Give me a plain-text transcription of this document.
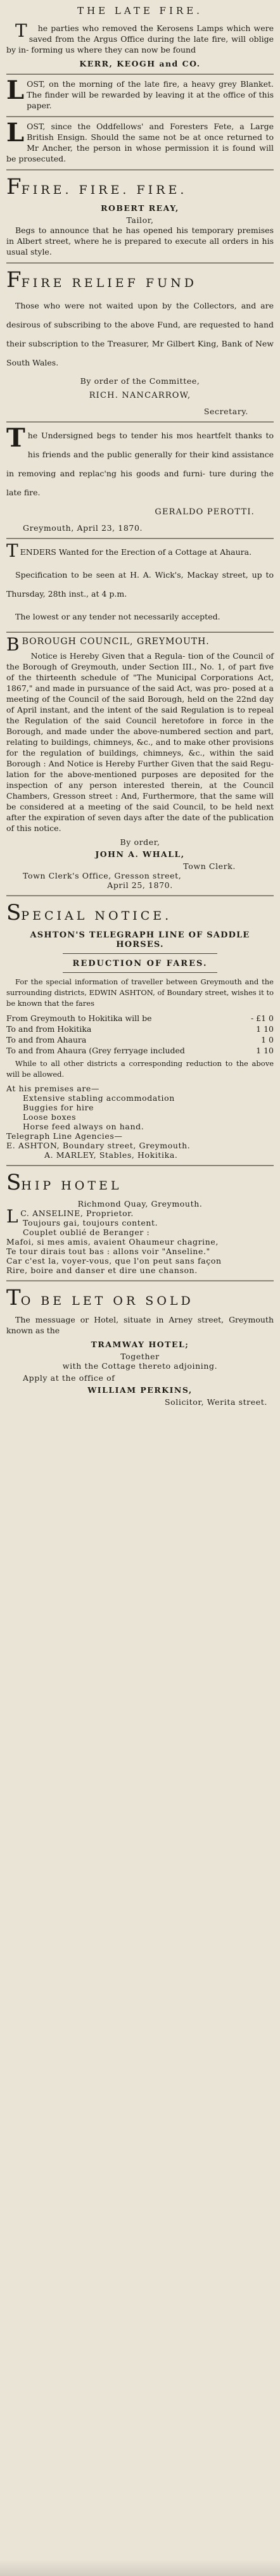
THE LATE FIRE.

T he parties who removed the Kerosens Lamps which were saved from the Argus Office during the late fire, will oblige by in- forming us where they can now be found

KERR, KEOGH and CO.

LOST, on the morning of the late fire, a heavy grey Blanket. The finder will be rewarded by leaving it at the office of this paper.

LOST, since the Oddfellows' and Foresters Fete, a Large British Ensign. Should the same not be at once returned to Mr Ancher, the person in whose permission it is found will be prosecuted.

FFIRE. FIRE. FIRE.
ROBERT REAY,
Tailor,

Begs to announce that he has opened his temporary premises in Albert street, where he is prepared to execute all orders in his usual style.

FFIRE RELIEF FUND

Those who were not waited upon by the Collectors, and are desirous of subscribing to the above Fund, are requested to hand their subscription to the Treasurer, Mr Gilbert King, Bank of New South Wales.

By order of the Committee,
RICH. NANCARROW,
Secretary.

The Undersigned begs to tender his mos heartfelt thanks to his friends and the public generally for their kind assistance in removing and replac'ng his goods and furni- ture during the late fire.

GERALDO PEROTTI.
Greymouth, April 23, 1870.

TENDERS Wanted for the Erection of a Cottage at Ahaura.

Specification to be seen at H. A. Wick's, Mackay street, up to Thursday, 28th inst., at 4 p.m.

The lowest or any tender not necessarily accepted.

BBOROUGH COUNCIL, GREYMOUTH.

Notice is Hereby Given that a Regula- tion of the Council of the Borough of Greymouth, under Section III., No. 1, of part five of the thirteenth schedule of "The Municipal Corporations Act, 1867," and made in pursuance of the said Act, was pro- posed at a meeting of the Council of the said Borough, held on the 22nd day of April instant, and the intent of the said Regulation is to repeal the Regulation of the said Council heretofore in force in the Borough, and made under the above-numbered section and part, relating to buildings, chimneys, &c., and to make other provisions for the regulation of buildings, chimneys, &c., within the said Borough : And Notice is Hereby Further Given that the said Regu- lation for the above-mentioned purposes are deposited for the inspection of any person interested therein, at the Council Chambers, Gresson street : And, Furthermore, that the same will be considered at a meeting of the said Council, to be held next after the expiration of seven days after the date of the publication of this notice.

By order,
JOHN A. WHALL,
Town Clerk.
Town Clerk's Office, Gresson street,
April 25, 1870.
SPECIAL NOTICE.
ASHTON'S TELEGRAPH LINE OF SADDLE HORSES.
REDUCTION OF FARES.

For the special information of traveller between Greymouth and the surrounding districts, EDWIN ASHTON, of Boundary street, wishes it to be known that the fares

From Greymouth to Hokitika will be	- £1 0
To and from Hokitika	1 10
To and from Ahaura	1 0
To and from Ahaura (Grey ferryage included	1 10

While to all other districts a corresponding reduction to the above will be allowed.

At his premises are—
Extensive stabling accommodation
Buggies for hire
Loose boxes
Horse feed always on hand.
Telegraph Line Agencies—
E. ASHTON, Boundary street, Greymouth.
A. MARLEY, Stables, Hokitika.
SHIP HOTEL
Richmond Quay, Greymouth.
L C. ANSELINE, Proprietor.
Toujours gai, toujours content.
Couplet oublié de Beranger :
Mafoi, si mes amis, avaient Ohaumeur chagrine,
Te tour dirais tout bas : allons voir "Anseline."
Car c'est la, voyer-vous, que l'on peut sans façon
Rire, boire and danser et dire une chanson.
TO BE LET OR SOLD

The messuage or Hotel, situate in Arney street, Greymouth known as the

TRAMWAY HOTEL;
Together
with the Cottage thereto adjoining.
Apply at the office of
WILLIAM PERKINS,
Solicitor, Werita street.
